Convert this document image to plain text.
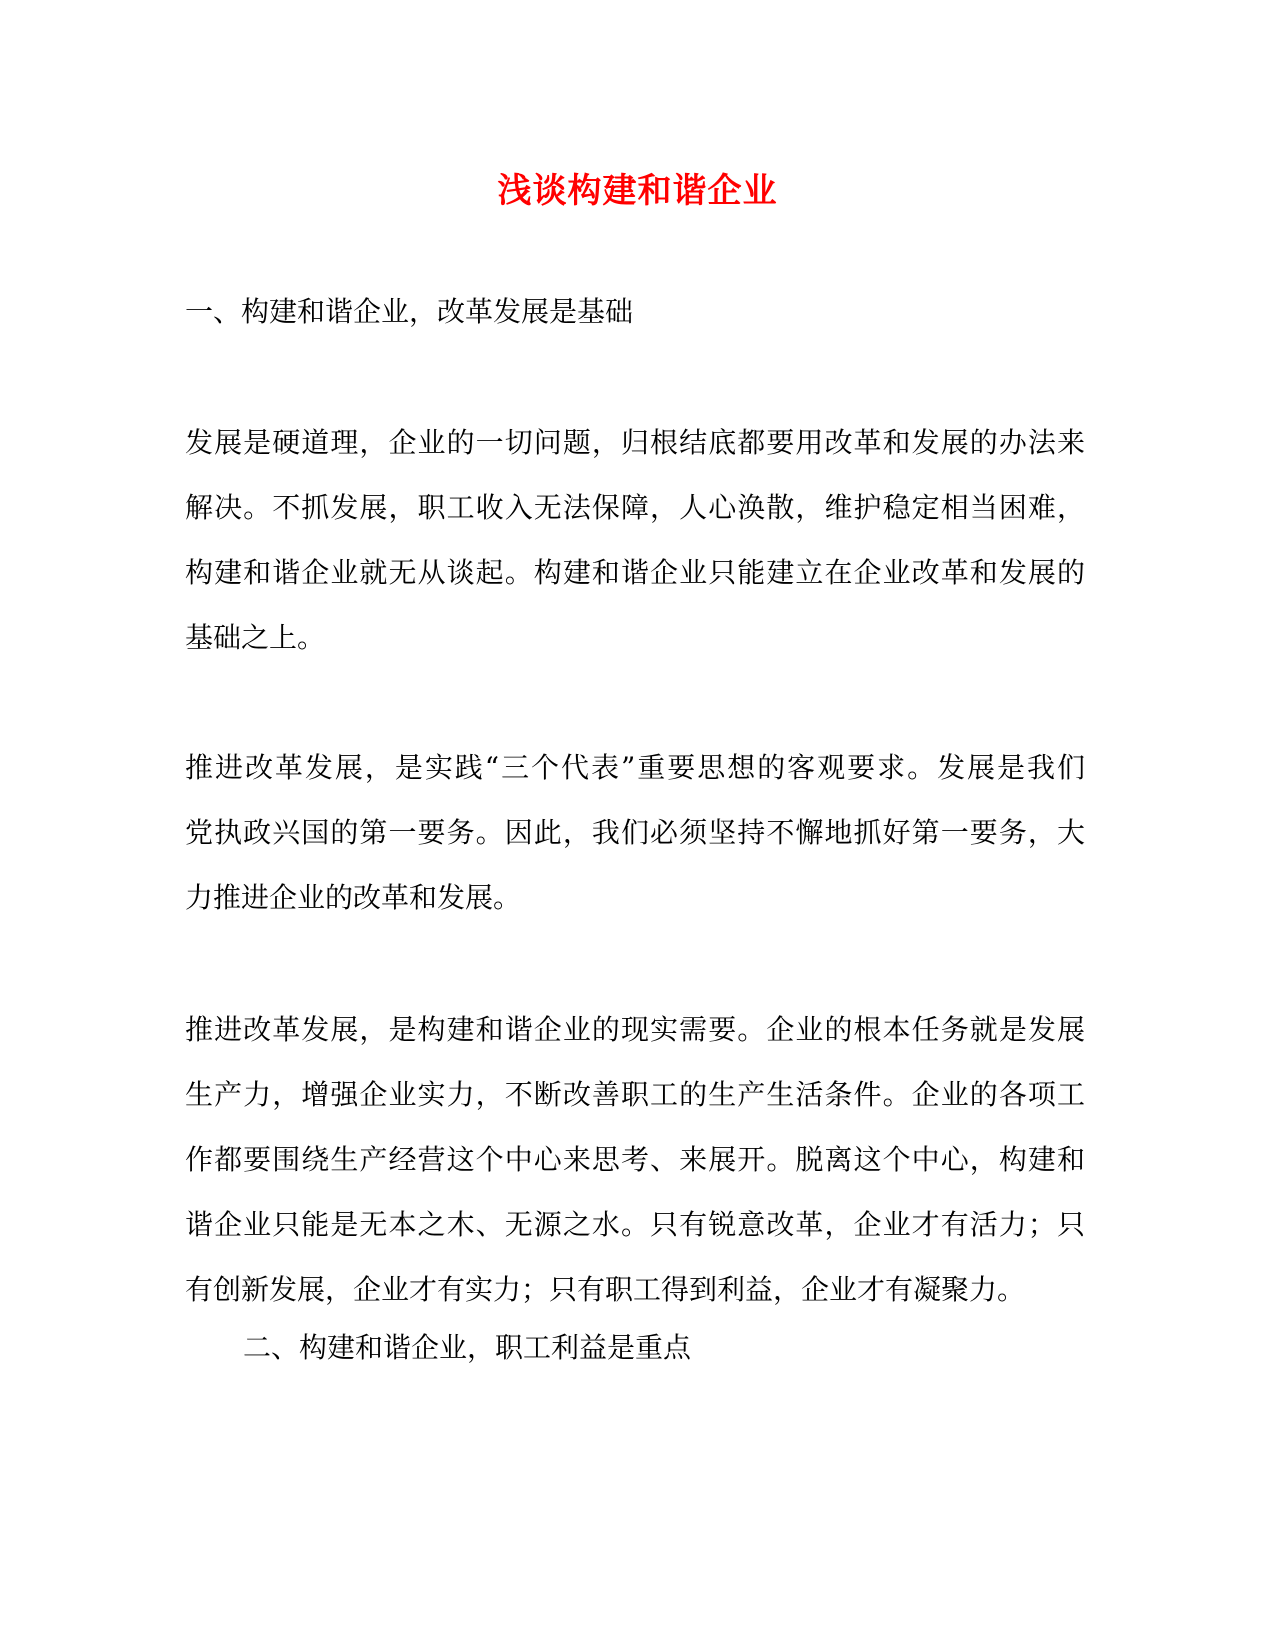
浅谈构建和谐企业

一、构建和谐企业，改革发展是基础

发展是硬道理，企业的一切问题，归根结底都要用改革和发展的办法来
解决。不抓发展，职工收入无法保障，人心涣散，维护稳定相当困难，
构建和谐企业就无从谈起。构建和谐企业只能建立在企业改革和发展的
基础之上。
推进改革发展，是实践“三个代表”重要思想的客观要求。发展是我们
党执政兴国的第一要务。因此，我们必须坚持不懈地抓好第一要务，大
力推进企业的改革和发展。
推进改革发展，是构建和谐企业的现实需要。企业的根本任务就是发展
生产力，增强企业实力，不断改善职工的生产生活条件。企业的各项工
作都要围绕生产经营这个中心来思考、来展开。脱离这个中心，构建和
谐企业只能是无本之木、无源之水。只有锐意改革，企业才有活力；只
有创新发展，企业才有实力；只有职工得到利益，企业才有凝聚力。

二、构建和谐企业，职工利益是重点
